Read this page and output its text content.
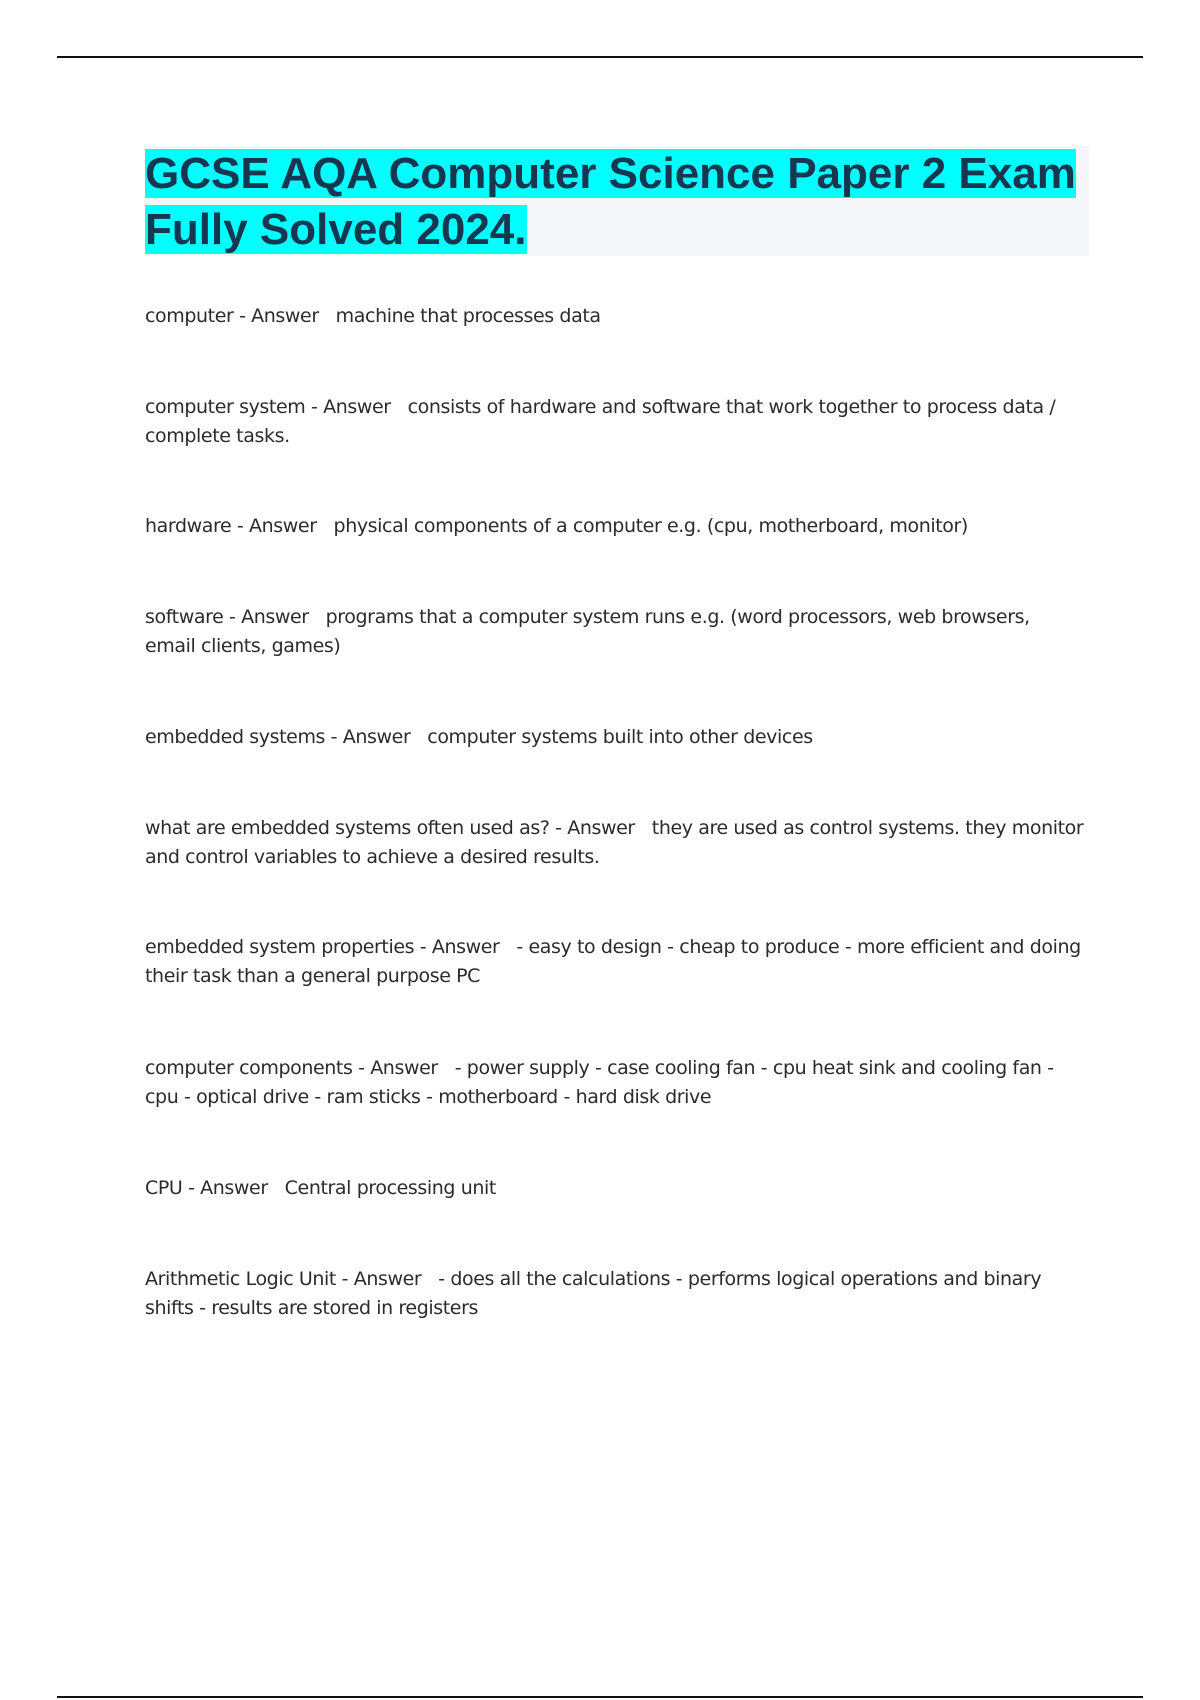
GCSE AQA Computer Science Paper 2 Exam Fully Solved 2024.

computer - Answer   machine that processes data

computer system - Answer   consists of hardware and software that work together to process data / complete tasks.

hardware - Answer   physical components of a computer e.g. (cpu, motherboard, monitor)

software - Answer   programs that a computer system runs e.g. (word processors, web browsers, email clients, games)

embedded systems - Answer   computer systems built into other devices

what are embedded systems often used as? - Answer   they are used as control systems. they monitor and control variables to achieve a desired results.

embedded system properties - Answer   - easy to design - cheap to produce - more efficient and doing their task than a general purpose PC

computer components - Answer   - power supply - case cooling fan - cpu heat sink and cooling fan - cpu - optical drive - ram sticks - motherboard - hard disk drive

CPU - Answer   Central processing unit

Arithmetic Logic Unit - Answer   - does all the calculations - performs logical operations and binary shifts - results are stored in registers
